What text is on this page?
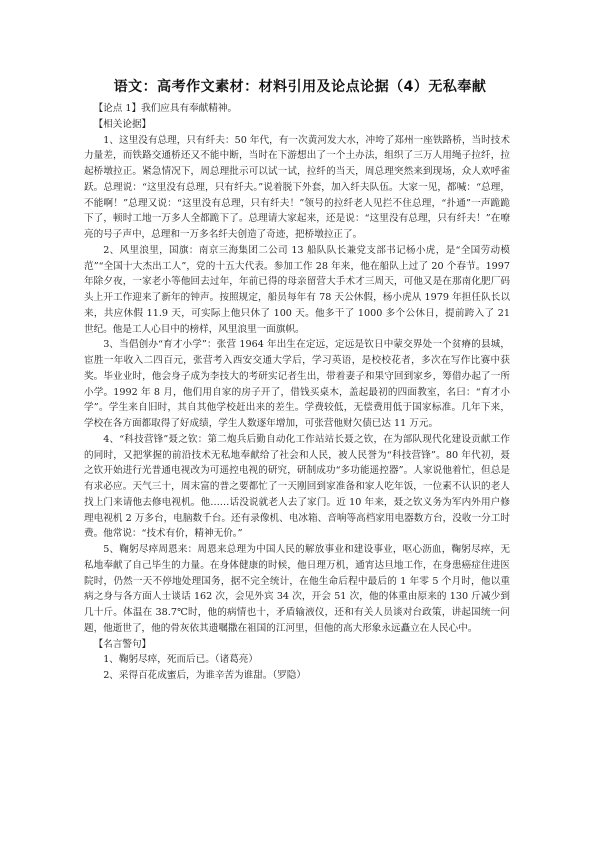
语文：高考作文素材：材料引用及论点论据（4）无私奉献

【论点 1】我们应具有奉献精神。

【相关论据】

1、这里没有总理，只有纤夫：50 年代，有一次黄河发大水，冲垮了郑州一座铁路桥，当时技术力量差，而铁路交通桥还又不能中断，当时在下游想出了一个土办法，组织了三万人用绳子拉纤，拉起桥墩拉正。紧急情况下，周总理批示可以试一试，拉纤的当天，周总理突然来到现场，众人欢呼雀跃。总理说：“这里没有总理，只有纤夫。”说着脱下外套，加入纤夫队伍。大家一见，都喊：“总理，不能啊！”总理又说：“这里没有总理，只有纤夫！”领号的拉纤老人见拦不住总理，“扑通”一声跪跪下了，顿时工地一万多人全都跪下了。总理请大家起来，还是说：“这里没有总理，只有纤夫！”在嘹亮的号子声中，总理和一万多名纤夫创造了奇迹，把桥墩拉正了。

2、风里浪里，国旗：南京三海集团二公司 13 船队队长兼党支部书记杨小虎，是“全国劳动模范”“全国十大杰出工人”，党的十五大代表。参加工作 28 年来，他在船队上过了 20 个春节。1997 年除夕夜，一家老小等他回去过年，年前已得的母亲留营大手术才三周天，可他又是在那南化肥厂码头上开工作迎来了新年的钟声。按照规定，船员每年有 78 天公休假，杨小虎从 1979 年担任队长以来，共应休假 11.9 天，可实际上他只休了 100 天。他多干了 1000 多个公休日，提前跨入了 21 世纪。他是工人心目中的榜样，风里浪里一面旗帜。

3、当倡创办“育才小学”：张营 1964 年出生在定远，定远是钦日中蒙交界处一个贫瘠的县城，宦胜一年收入二四百元，张营考入西安交通大学后，学习英语，是校校花者，多次在写作比赛中获奖。毕业业时，他会身子成为李技大的考研实记者生出，带着妻子和果守回到家乡，筹借办起了一所小学。1992 年 8 月，他们用自家的房子开了，借钱买桌木，盖起最初的四面教室，名曰：“育才小学”。学生来自旧时，其自其他学校赶出来的差生。学费较低，无偿费用低于国家标准。几年下来，学校在各方面都取得了好成绩，学生人数逐年增加，可张营他财欠债已达 11 万元。

4、“科技营锋”聂之钦：第二炮兵后勤自动化工作站站长聂之钦，在为部队现代化建设贡献工作的同时，又把掌握的前沿技术无私地奉献给了社会和人民，被人民誉为“科技营锋”。80 年代初，聂之钦开始进行光普通电视改为可遥控电视的研究，研制成功“多功能遥控器”。人家说他着忙，但总是有求必应。天气三十，周末富的普之要都忙了一天刚回到家准备和家人吃年饭，一位素不认识的老人找上门来请他去修电视机。他……话没说就老人去了家门。近 10 年来，聂之钦义务为军内外用户修理电视机 2 万多台，电脑数千台。还有录像机、电冰箱、音响等高档家用电器数方台，没收一分工时费。他常说：“技术有价，精神无价。”

5、鞠躬尽瘁周恩来：周恩来总理为中国人民的解放事业和建设事业，呕心沥血，鞠躬尽瘁，无私地奉献了自己毕生的力量。在身体健康的时候，他日理万机，通宵达旦地工作，在身患癌症住进医院时，仍然一天不停地处理国务，据不完全统计，在他生命后程中最后的 1 年零 5 个月时，他以重病之身与各方面人士谈话 162 次，会见外宾 34 次，开会 51 次，他的体重由原来的 130 斤减少到几十斤。体温在 38.7℃时，他的病情也十，矛盾输液仪，还和有关人员谈对台政策，讲起国统一问题，他逝世了，他的骨灰依其遗嘱撒在祖国的江河里，但他的高大形象永远矗立在人民心中。

【名言警句】

1、鞠躬尽瘁，死而后已。（诸葛亮）

2、采得百花成蜜后，为谁辛苦为谁甜。（罗隐）
